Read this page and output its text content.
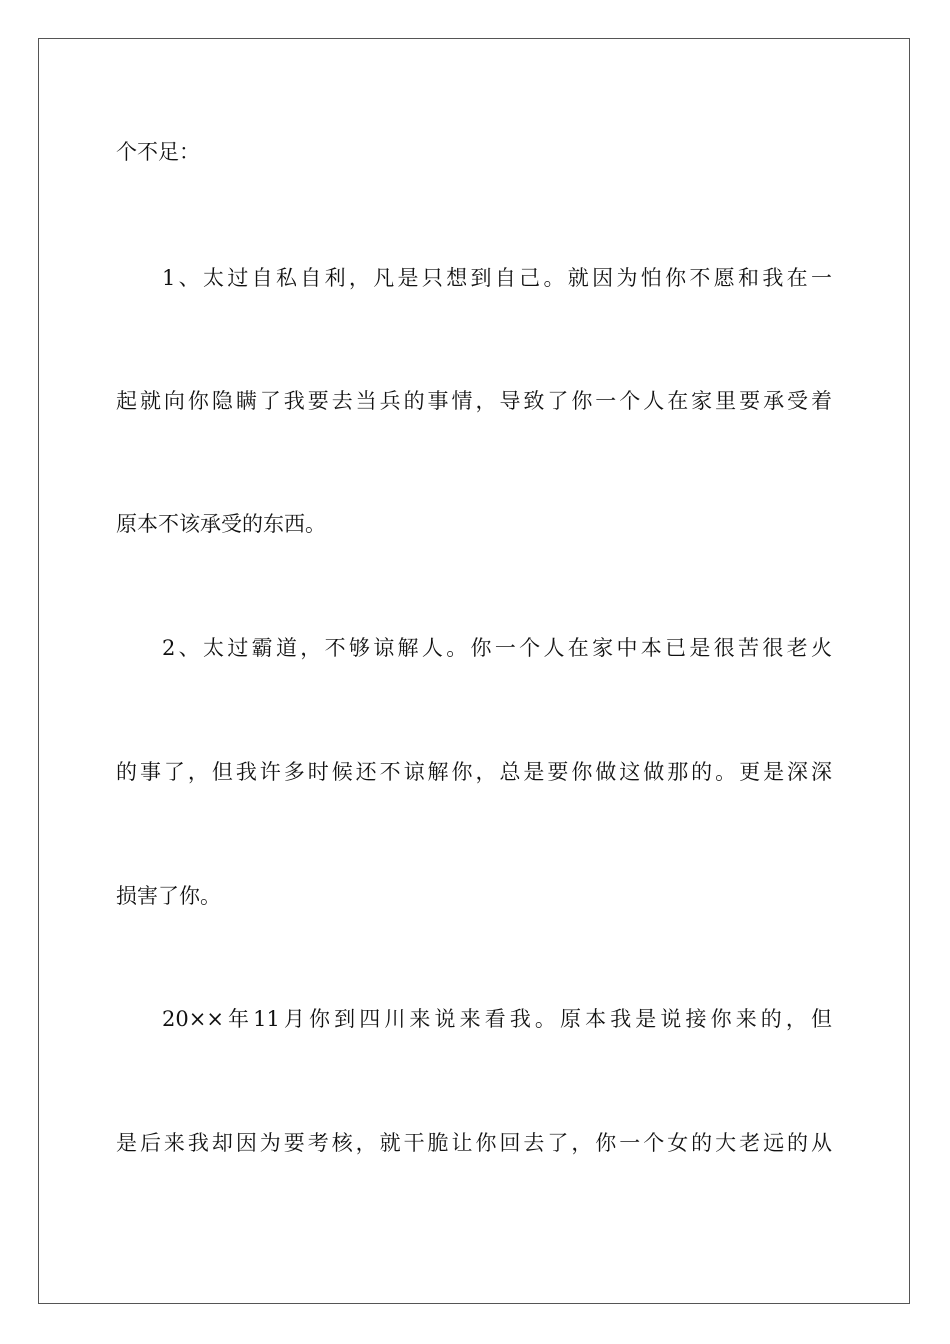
个不足：
1、太过自私自利，凡是只想到自己。就因为怕你不愿和我在一
起就向你隐瞒了我要去当兵的事情，导致了你一个人在家里要承受着
原本不该承受的东西。
2、太过霸道，不够谅解人。你一个人在家中本已是很苦很老火
的事了，但我许多时候还不谅解你，总是要你做这做那的。更是深深
损害了你。
20××年11月你到四川来说来看我。原本我是说接你来的，但
是后来我却因为要考核，就干脆让你回去了，你一个女的大老远的从
